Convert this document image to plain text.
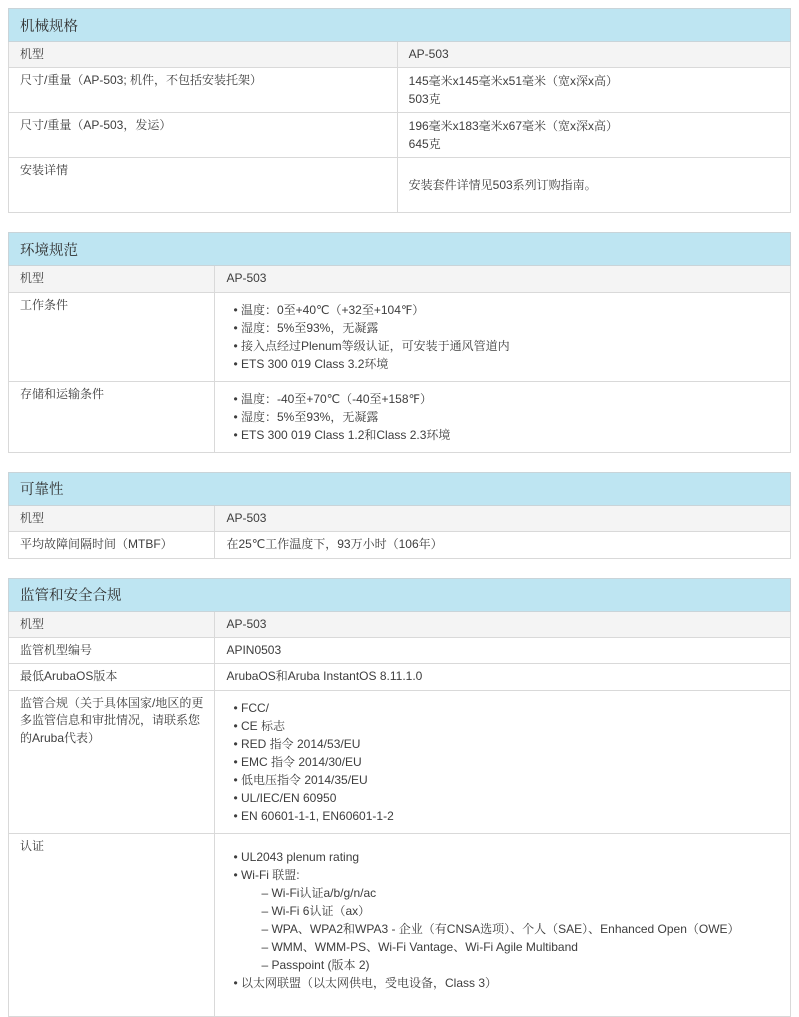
机械规格	
机型	AP-503
尺寸/重量（AP-503; 机件，不包括安装托架）	145毫米x145毫米x51毫米（宽x深x高）
503克

尺寸/重量（AP-503，发运）	196毫米x183毫米x67毫米（宽x深x高）
645克

安装详情	安装套件详情见503系列订购指南。
环境规范	
机型	AP-503
工作条件	
•温度：0至+40℃（+32至+104℉）
• 湿度：5%至93%，无凝露
• 接入点经过Plenum等级认证，可安装于通风管道内
• ETS 300 019 Class 3.2环境

存储和运输条件	
•温度：-40至+70℃（-40至+158℉）
• 湿度：5%至93%，无凝露
• ETS 300 019 Class 1.2和Class 2.3环境
可靠性	
机型	AP-503
平均故障间隔时间（MTBF）	在25℃工作温度下，93万小时（106年）
监管和安全合规	
机型	AP-503
监管机型编号	APIN0503
最低ArubaOS版本	ArubaOS和Aruba InstantOS 8.11.1.0
监管合规（关于具体国家/地区的更多监管信息和审批情况，请联系您的Aruba代表）	
• FCC/
• CE 标志
• RED 指令 2014/53/EU
• EMC 指令 2014/30/EU
• 低电压指令 2014/35/EU
• UL/IEC/EN 60950
• EN 60601-1-1, EN60601-1-2

认证	
• UL2043 plenum rating
• Wi-Fi 联盟:
– Wi-Fi认证a/b/g/n/ac
– Wi-Fi 6认证（ax）
– WPA、WPA2和WPA3 - 企业（有CNSA选项）、个人（SAE）、Enhanced Open（OWE）
– WMM、WMM-PS、Wi-Fi Vantage、Wi-Fi Agile Multiband
– Passpoint (版本 2)
• 以太网联盟（以太网供电，受电设备，Class 3）
